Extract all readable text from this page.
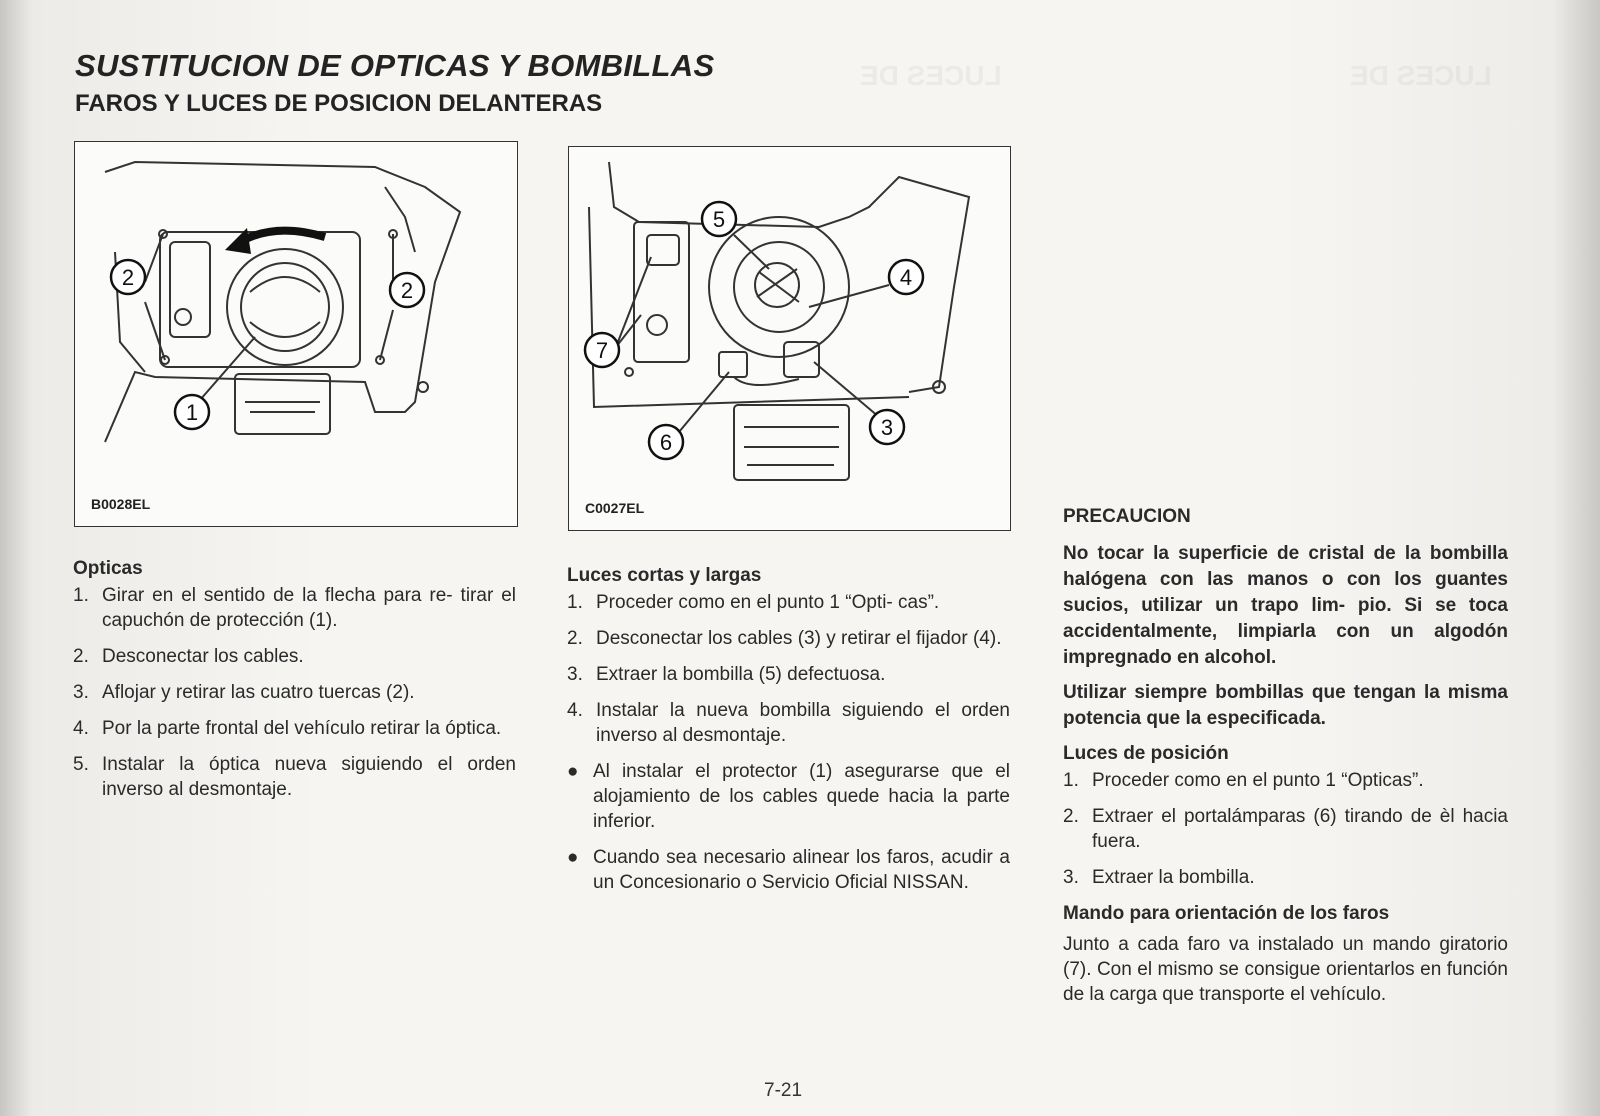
LUCES DE	LUCES DE
SUSTITUCION DE OPTICAS Y BOMBILLAS
FAROS Y LUCES DE POSICION DELANTERAS
2
2
1
B0028EL
5
4
3
6
7
C0027EL
Opticas
1. Girar en el sentido de la flecha para re- tirar el capuchón de protección (1).
2. Desconectar los cables.
3. Aflojar y retirar las cuatro tuercas (2).
4. Por la parte frontal del vehículo retirar la óptica.
5. Instalar la óptica nueva siguiendo el orden inverso al desmontaje.
Luces cortas y largas
1. Proceder como en el punto 1 “Opti- cas”.
2. Desconectar los cables (3) y retirar el fijador (4).
3. Extraer la bombilla (5) defectuosa.
4. Instalar la nueva bombilla siguiendo el orden inverso al desmontaje.
● Al instalar el protector (1) asegurarse que el alojamiento de los cables quede hacia la parte inferior.
● Cuando sea necesario alinear los faros, acudir a un Concesionario o Servicio Oficial NISSAN.
PRECAUCION

No tocar la superficie de cristal de la bombilla halógena con las manos o con los guantes sucios, utilizar un trapo lim- pio. Si se toca accidentalmente, limpiarla con un algodón impregnado en alcohol.

Utilizar siempre bombillas que tengan la misma potencia que la especificada.

Luces de posición
1. Proceder como en el punto 1 “Opticas”.
2. Extraer el portalámparas (6) tirando de èl hacia fuera.
3. Extraer la bombilla.
Mando para orientación de los faros

Junto a cada faro va instalado un mando giratorio (7). Con el mismo se consigue orientarlos en función de la carga que transporte el vehículo.

7-21
